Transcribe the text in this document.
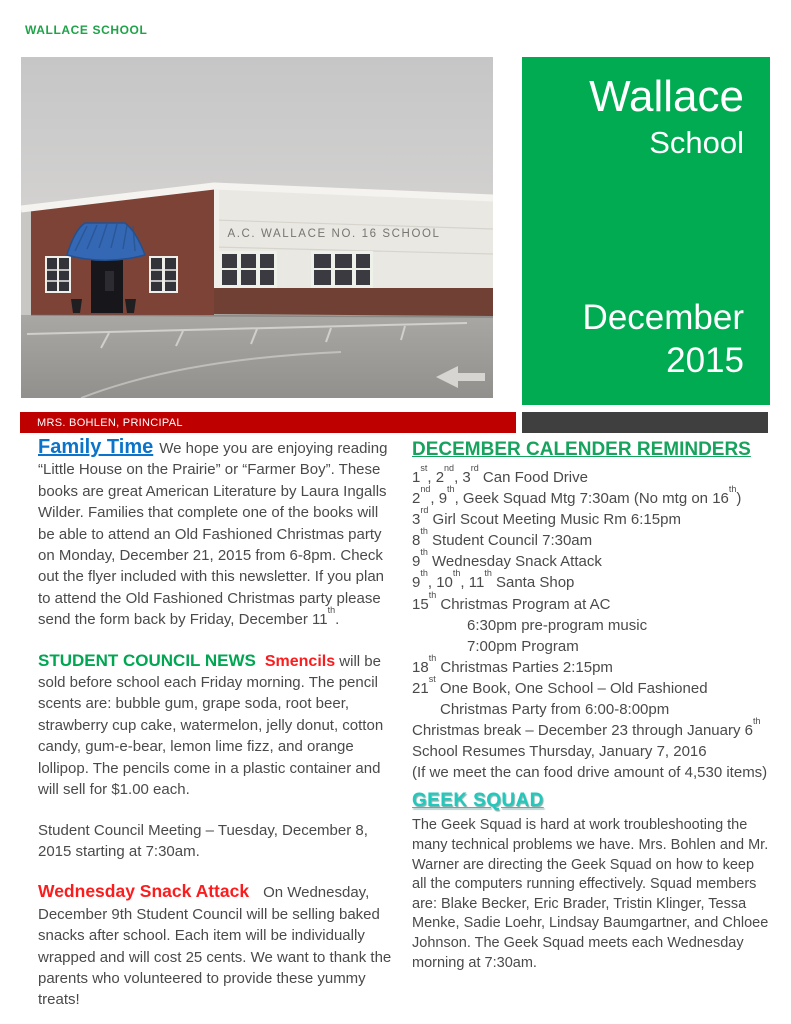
WALLACE SCHOOL
A.C. WALLACE NO. 16 SCHOOL
Wallace
School
December
2015
MRS. BOHLEN, PRINCIPAL

Family Time We hope you are enjoying reading “Little House on the Prairie” or “Farmer Boy”. These books are great American Literature by Laura Ingalls Wilder. Families that complete one of the books will be able to attend an Old Fashioned Christmas party on Monday, December 21, 2015 from 6-8pm. Check out the flyer included with this newsletter. If you plan to attend the Old Fashioned Christmas party please send the form back by Friday, December 11th.

STUDENT COUNCIL NEWS Smencils will be sold before school each Friday morning. The pencil scents are: bubble gum, grape soda, root beer, strawberry cup cake, watermelon, jelly donut, cotton candy, gum-e-bear, lemon lime fizz, and orange lollipop. The pencils come in a plastic container and will sell for $1.00 each.

Student Council Meeting – Tuesday, December 8, 2015 starting at 7:30am.

Wednesday Snack Attack On Wednesday, December 9th Student Council will be selling baked snacks after school. Each item will be individually wrapped and will cost 25 cents. We want to thank the parents who volunteered to provide these yummy treats!

DECEMBER CALENDER REMINDERS
1st, 2nd, 3rd Can Food Drive
2nd, 9th, Geek Squad Mtg 7:30am (No mtg on 16th)
3rd Girl Scout Meeting Music Rm 6:15pm
8th Student Council 7:30am
9th Wednesday Snack Attack
9th, 10th, 11th Santa Shop
15th Christmas Program at AC
6:30pm pre-program music
7:00pm Program
18th Christmas Parties 2:15pm
21st One Book, One School – Old Fashioned
Christmas Party from 6:00-8:00pm
Christmas break – December 23 through January 6th
School Resumes Thursday, January 7, 2016
(If we meet the can food drive amount of 4,530 items)
GEEK SQUAD

The Geek Squad is hard at work troubleshooting the many technical problems we have. Mrs. Bohlen and Mr. Warner are directing the Geek Squad on how to keep all the computers running effectively. Squad members are: Blake Becker, Eric Brader, Tristin Klinger, Tessa Menke, Sadie Loehr, Lindsay Baumgartner, and Chloee Johnson. The Geek Squad meets each Wednesday morning at 7:30am.
